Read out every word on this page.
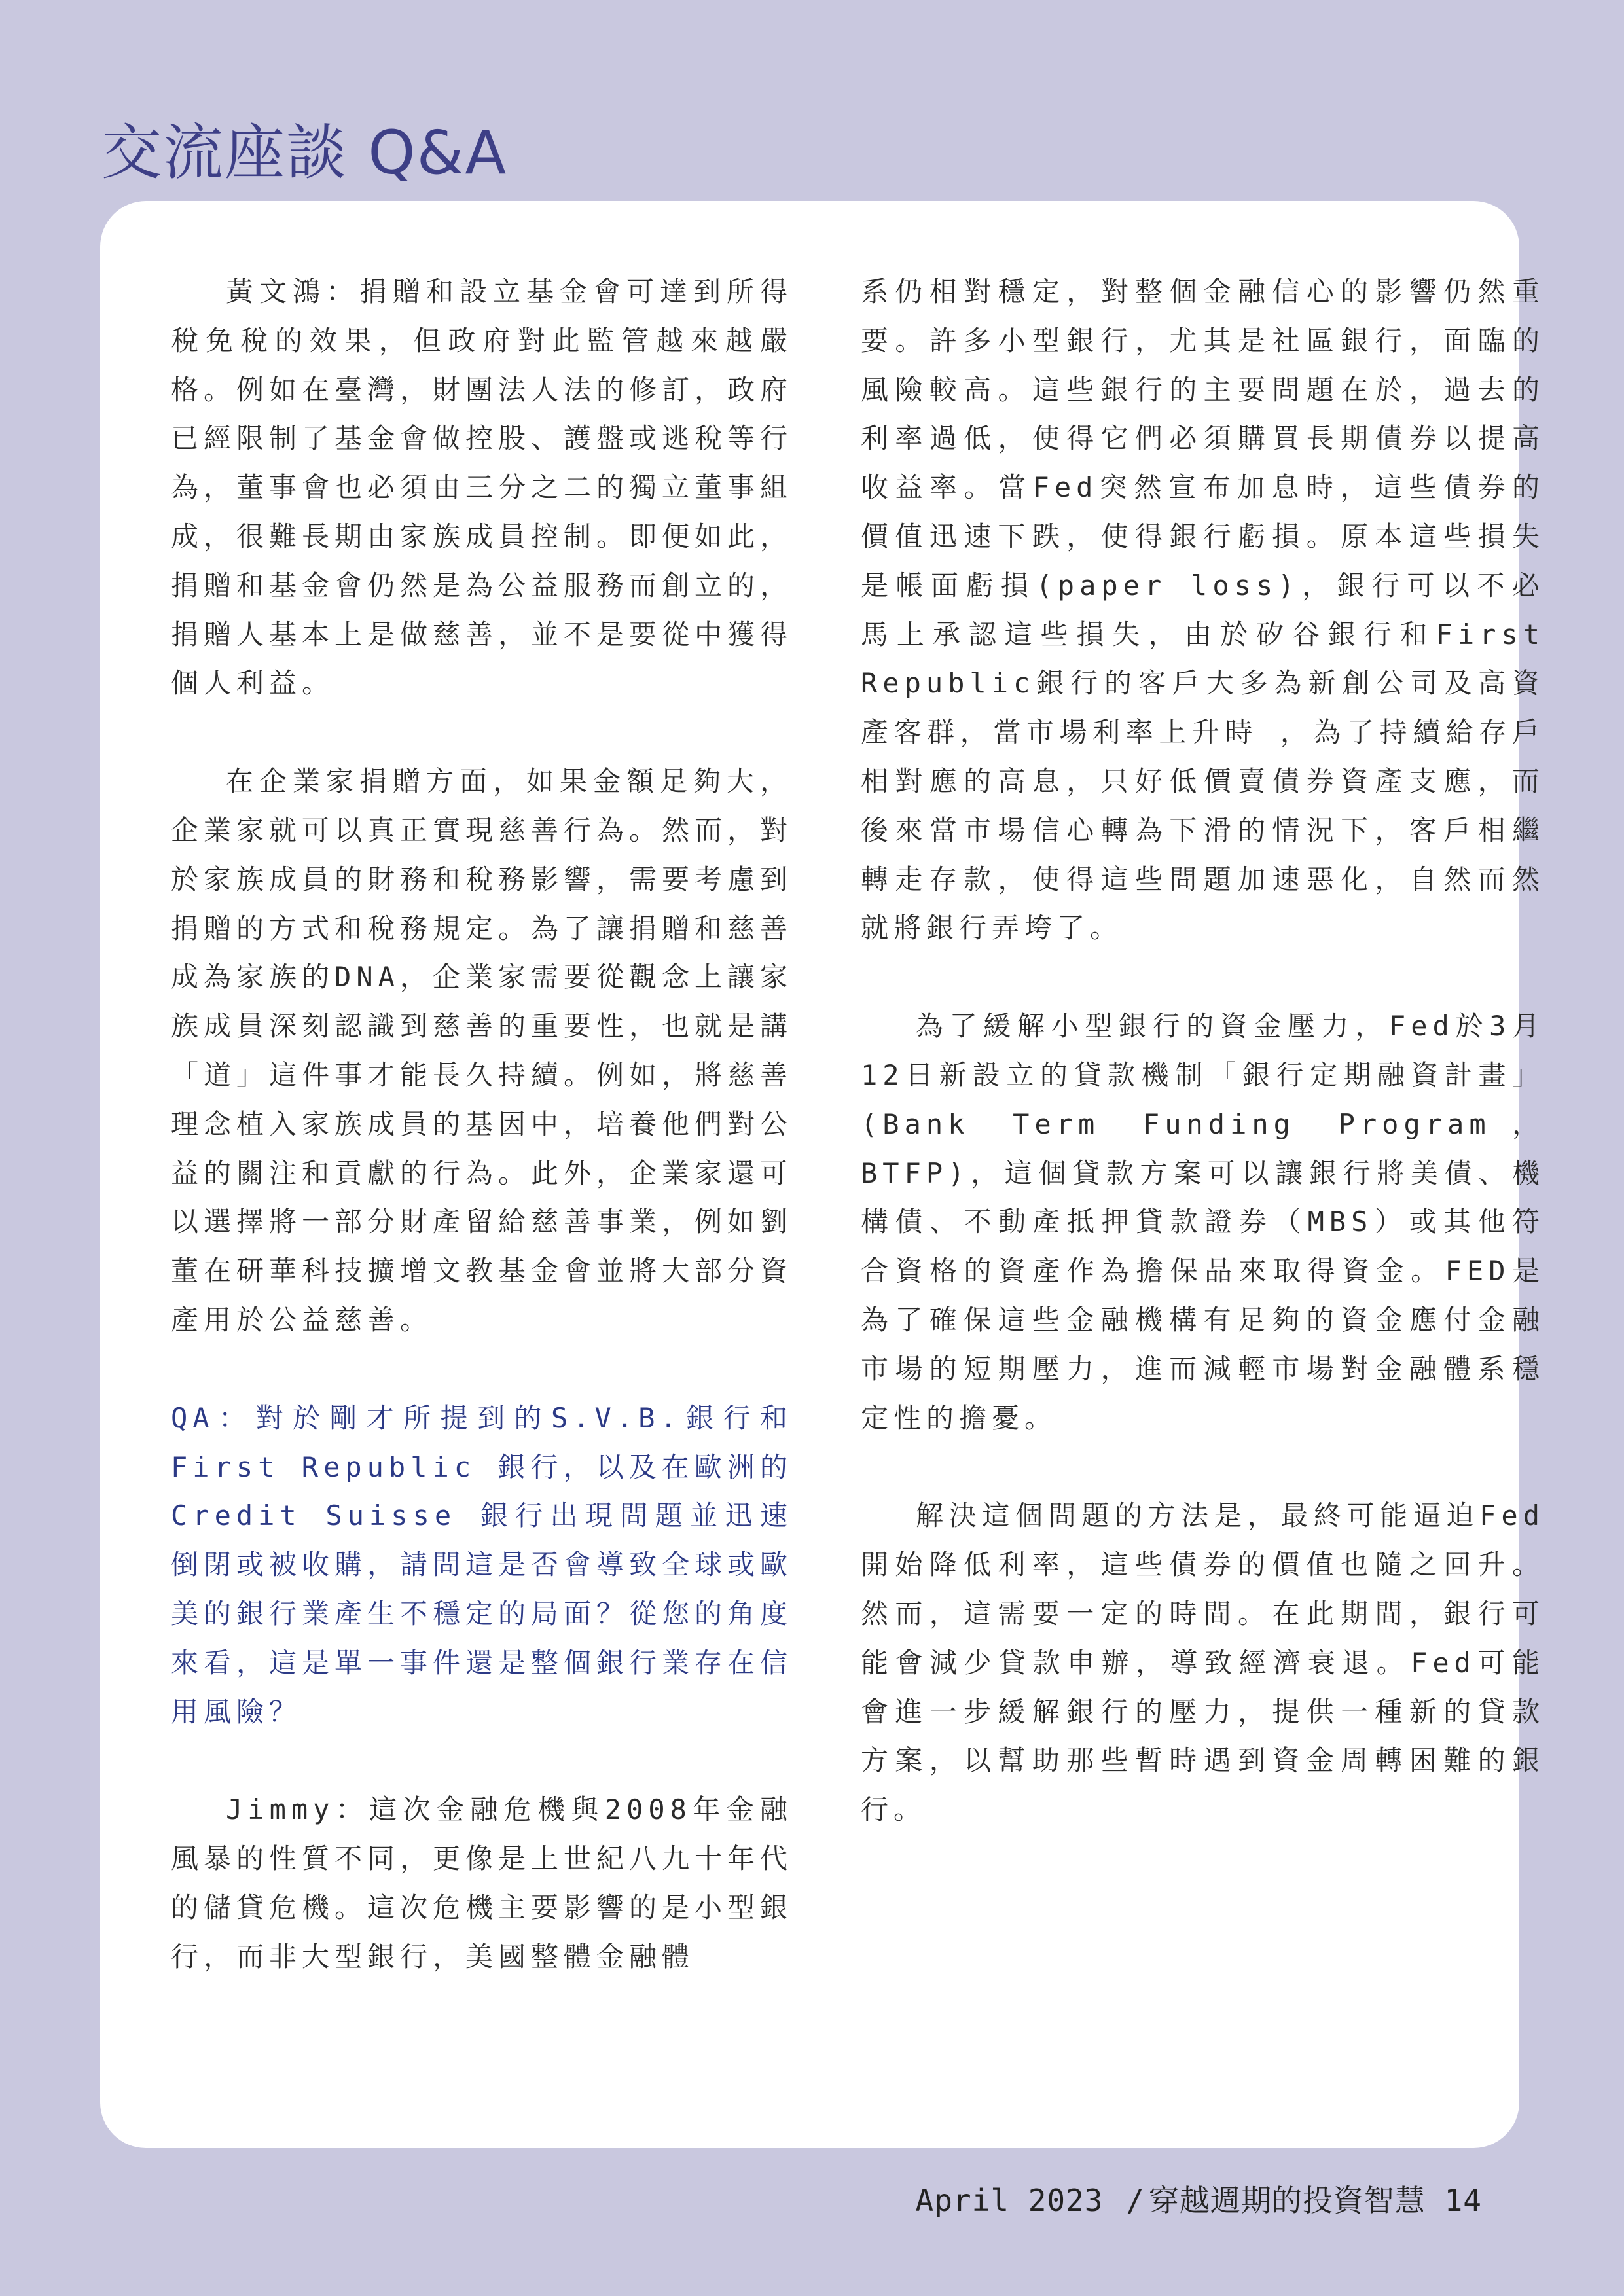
交流座談 Q&A

黃文鴻：捐贈和設立基金會可達到所得稅免稅的效果，但政府對此監管越來越嚴格。例如在臺灣，財團法人法的修訂，政府已經限制了基金會做控股、護盤或逃稅等行為，董事會也必須由三分之二的獨立董事組成，很難長期由家族成員控制。即便如此，捐贈和基金會仍然是為公益服務而創立的，捐贈人基本上是做慈善，並不是要從中獲得個人利益。

在企業家捐贈方面，如果金額足夠大，企業家就可以真正實現慈善行為。然而，對於家族成員的財務和稅務影響，需要考慮到捐贈的方式和稅務規定。為了讓捐贈和慈善成為家族的DNA，企業家需要從觀念上讓家族成員深刻認識到慈善的重要性，也就是講「道」這件事才能長久持續。例如，將慈善理念植入家族成員的基因中，培養他們對公益的關注和貢獻的行為。此外，企業家還可以選擇將一部分財產留給慈善事業，例如劉董在研華科技擴增文教基金會並將大部分資產用於公益慈善。

QA：對於剛才所提到的S.V.B.銀行和 First Republic 銀行，以及在歐洲的 Credit Suisse 銀行出現問題並迅速倒閉或被收購，請問這是否會導致全球或歐美的銀行業產生不穩定的局面？從您的角度來看，這是單一事件還是整個銀行業存在信用風險？

Jimmy：這次金融危機與2008年金融風暴的性質不同，更像是上世紀八九十年代的儲貸危機。這次危機主要影響的是小型銀行，而非大型銀行，美國整體金融體

系仍相對穩定，對整個金融信心的影響仍然重要。許多小型銀行，尤其是社區銀行，面臨的風險較高。這些銀行的主要問題在於，過去的利率過低，使得它們必須購買長期債券以提高收益率。當Fed突然宣布加息時，這些債券的價值迅速下跌，使得銀行虧損。原本這些損失是帳面虧損(paper loss)，銀行可以不必馬上承認這些損失，由於矽谷銀行和First Republic銀行的客戶大多為新創公司及高資產客群，當市場利率上升時 ，為了持續給存戶相對應的高息，只好低價賣債券資產支應，而後來當市場信心轉為下滑的情況下，客戶相繼轉走存款，使得這些問題加速惡化，自然而然就將銀行弄垮了。

為了緩解小型銀行的資金壓力，Fed於3月12日新設立的貸款機制「銀行定期融資計畫」(Bank Term Funding Program，BTFP)，這個貸款方案可以讓銀行將美債、機構債、不動產抵押貸款證券（MBS）或其他符合資格的資產作為擔保品來取得資金。FED是為了確保這些金融機構有足夠的資金應付金融市場的短期壓力，進而減輕市場對金融體系穩定性的擔憂。

解決這個問題的方法是，最終可能逼迫Fed開始降低利率，這些債券的價值也隨之回升。然而，這需要一定的時間。在此期間，銀行可能會減少貸款申辦，導致經濟衰退。Fed可能會進一步緩解銀行的壓力，提供一種新的貸款方案，以幫助那些暫時遇到資金周轉困難的銀行。

April 2023 / 穿越週期的投資智慧 14
